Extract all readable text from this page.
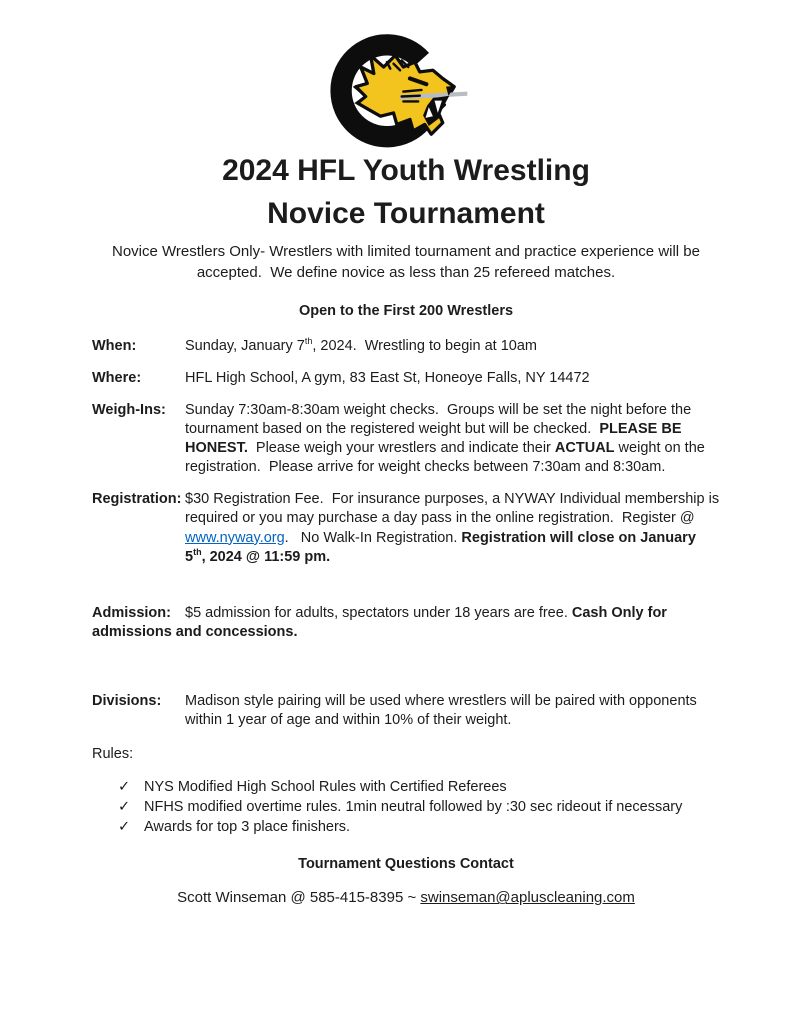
2024 HFL Youth Wrestling
Novice Tournament
Novice Wrestlers Only- Wrestlers with limited tournament and practice experience will be accepted.  We define novice as less than 25 refereed matches.
Open to the First 200 Wrestlers
When:	Sunday, January 7th, 2024.  Wrestling to begin at 10am
Where:	HFL High School, A gym, 83 East St, Honeoye Falls, NY 14472
Weigh-Ins:	Sunday 7:30am-8:30am weight checks.  Groups will be set the night before the tournament based on the registered weight but will be checked.  PLEASE BE HONEST.  Please weigh your wrestlers and indicate their ACTUAL weight on the registration.  Please arrive for weight checks between 7:30am and 8:30am.
Registration: $30 Registration Fee.  For insurance purposes, a NYWAY Individual membership is required or you may purchase a day pass in the online registration.  Register @ www.nyway.org.   No Walk-In Registration. Registration will close on January 5th, 2024 @ 11:59 pm.
Admission: $5 admission for adults, spectators under 18 years are free. Cash Only for admissions and concessions.
Divisions:	Madison style pairing will be used where wrestlers will be paired with opponents within 1 year of age and within 10% of their weight.
Rules:
✓ NYS Modified High School Rules with Certified Referees
✓ NFHS modified overtime rules. 1min neutral followed by :30 sec rideout if necessary
✓ Awards for top 3 place finishers.
Tournament Questions Contact
Scott Winseman @ 585-415-8395 ~ swinseman@apluscleaning.com
